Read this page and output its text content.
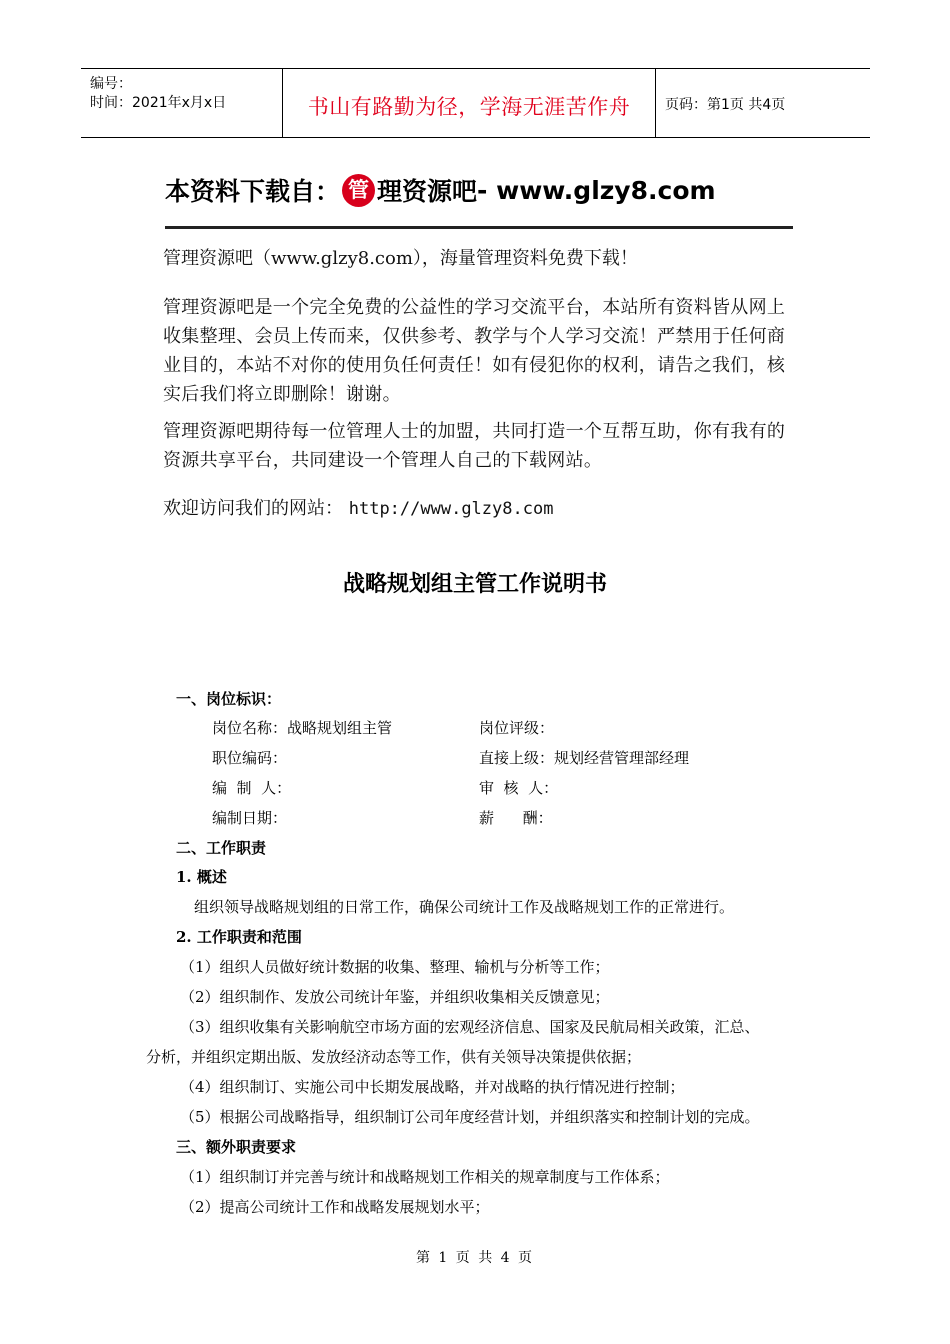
编号：
时间：2021年x月x日	书山有路勤为径，学海无涯苦作舟	页码：第1页 共4页
本资料下载自： 管 理资源吧 - www.glzy8.com
管理资源吧（www.glzy8.com），海量管理资料免费下载！
管理资源吧是一个完全免费的公益性的学习交流平台，本站所有资料皆从网上收集整理、会员上传而来，仅供参考、教学与个人学习交流！严禁用于任何商业目的，本站不对你的使用负任何责任！如有侵犯你的权利，请告之我们，核实后我们将立即删除！谢谢。
管理资源吧期待每一位管理人士的加盟，共同打造一个互帮互助，你有我有的资源共享平台，共同建设一个管理人自己的下载网站。
欢迎访问我们的网站： http://www.glzy8.com
战略规划组主管工作说明书
一、岗位标识：
岗位名称：战略规划组主管	岗位评级：
职位编码：	直接上级：规划经营管理部经理
编  制  人：	审  核  人：
编制日期：	薪      酬：
二、工作职责
1. 概述
组织领导战略规划组的日常工作，确保公司统计工作及战略规划工作的正常进行。
2. 工作职责和范围
（1）组织人员做好统计数据的收集、整理、输机与分析等工作；
（2）组织制作、发放公司统计年鉴，并组织收集相关反馈意见；
（3）组织收集有关影响航空市场方面的宏观经济信息、国家及民航局相关政策，汇总、
分析，并组织定期出版、发放经济动态等工作，供有关领导决策提供依据；
（4）组织制订、实施公司中长期发展战略，并对战略的执行情况进行控制；
（5）根据公司战略指导，组织制订公司年度经营计划，并组织落实和控制计划的完成。
三、额外职责要求
（1）组织制订并完善与统计和战略规划工作相关的规章制度与工作体系；
（2）提高公司统计工作和战略发展规划水平；
第 1 页 共 4 页
